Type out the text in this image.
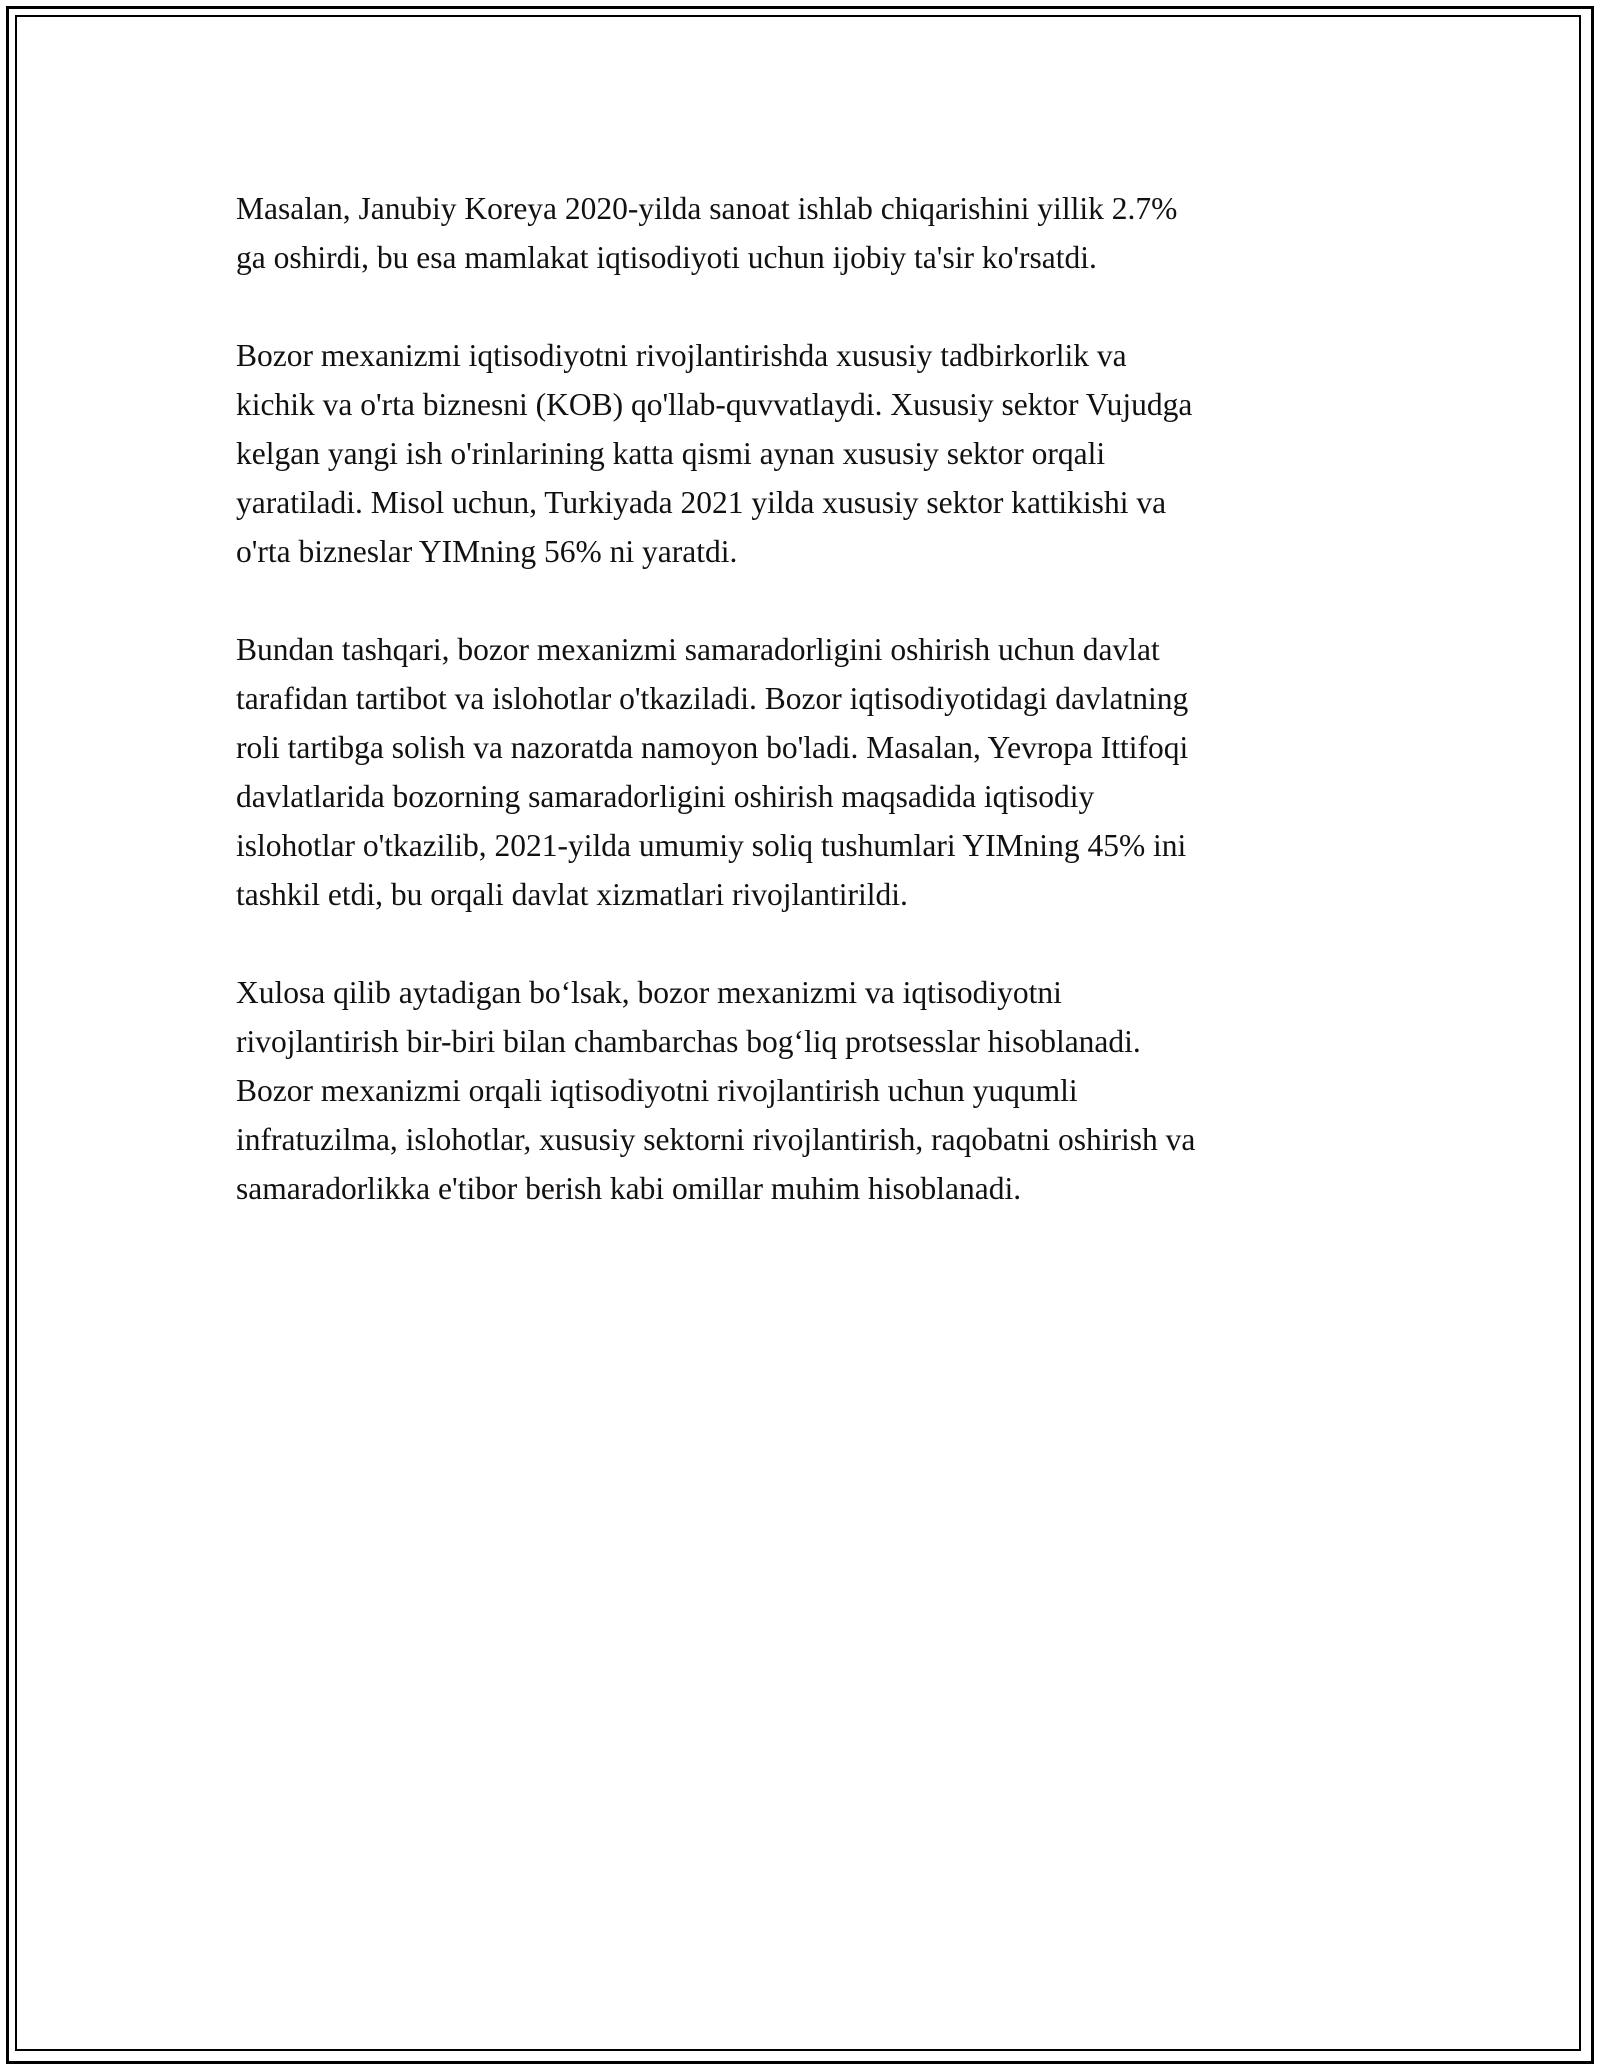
Masalan, Janubiy Koreya 2020-yilda sanoat ishlab chiqarishini yillik 2.7%
ga oshirdi, bu esa mamlakat iqtisodiyoti uchun ijobiy ta'sir ko'rsatdi.

Bozor mexanizmi iqtisodiyotni rivojlantirishda xususiy tadbirkorlik va
kichik va o'rta biznesni (KOB) qo'llab-quvvatlaydi. Xususiy sektor Vujudga
kelgan yangi ish o'rinlarining katta qismi aynan xususiy sektor orqali
yaratiladi. Misol uchun, Turkiyada 2021 yilda xususiy sektor kattikishi va
o'rta bizneslar YIMning 56% ni yaratdi.

Bundan tashqari, bozor mexanizmi samaradorligini oshirish uchun davlat
tarafidan tartibot va islohotlar o'tkaziladi. Bozor iqtisodiyotidagi davlatning
roli tartibga solish va nazoratda namoyon bo'ladi. Masalan, Yevropa Ittifoqi
davlatlarida bozorning samaradorligini oshirish maqsadida iqtisodiy
islohotlar o'tkazilib, 2021-yilda umumiy soliq tushumlari YIMning 45% ini
tashkil etdi, bu orqali davlat xizmatlari rivojlantirildi.

Xulosa qilib aytadigan bo‘lsak, bozor mexanizmi va iqtisodiyotni
rivojlantirish bir-biri bilan chambarchas bog‘liq protsesslar hisoblanadi.
Bozor mexanizmi orqali iqtisodiyotni rivojlantirish uchun yuqumli
infratuzilma, islohotlar, xususiy sektorni rivojlantirish, raqobatni oshirish va
samaradorlikka e'tibor berish kabi omillar muhim hisoblanadi.
